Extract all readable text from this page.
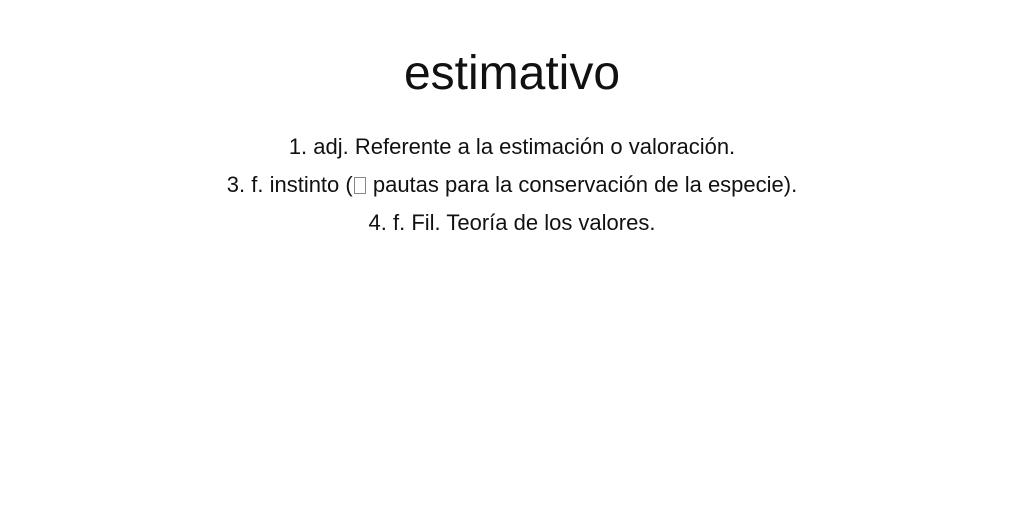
estimativo
1. adj. Referente a la estimación o valoración.
3. f. instinto ( pautas para la conservación de la especie).
4. f. Fil. Teoría de los valores.
